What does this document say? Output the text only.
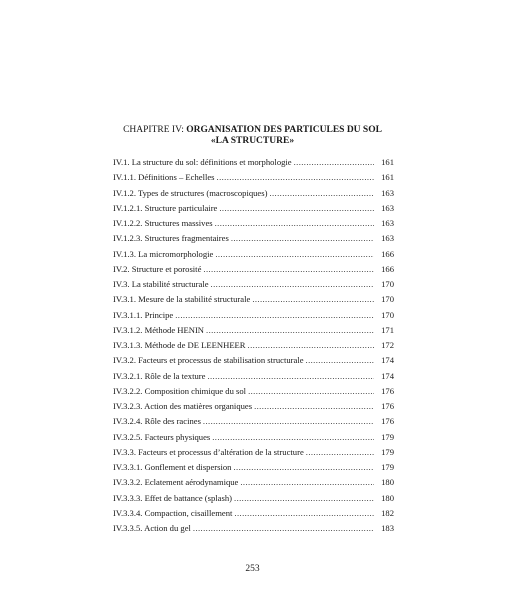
CHAPITRE IV: ORGANISATION DES PARTICULES DU SOL
«LA STRUCTURE»
IV.1. La structure du sol: définitions et morphologie .....	161
IV.1.1. Définitions – Echelles .....	161
IV.1.2. Types de structures (macroscopiques) .....	163
IV.1.2.1. Structure particulaire .....	163
IV.1.2.2. Structures massives .....	163
IV.1.2.3. Structures fragmentaires .....	163
IV.1.3. La micromorphologie .....	166
IV.2. Structure et porosité .....	166
IV.3. La stabilité structurale .....	170
IV.3.1. Mesure de la stabilité structurale .....	170
IV.3.1.1. Principe .....	170
IV.3.1.2. Méthode HENIN .....	171
IV.3.1.3. Méthode de DE LEENHEER .....	172
IV.3.2. Facteurs et processus de stabilisation structurale .....	174
IV.3.2.1. Rôle de la texture .....	174
IV.3.2.2. Composition chimique du sol .....	176
IV.3.2.3. Action des matières organiques .....	176
IV.3.2.4. Rôle des racines .....	176
IV.3.2.5. Facteurs physiques .....	179
IV.3.3. Facteurs et processus d’altération de la structure .....	179
IV.3.3.1. Gonflement et dispersion .....	179
IV.3.3.2. Eclatement aérodynamique .....	180
IV.3.3.3. Effet de battance (splash) .....	180
IV.3.3.4. Compaction, cisaillement .....	182
IV.3.3.5. Action du gel .....	183
253
